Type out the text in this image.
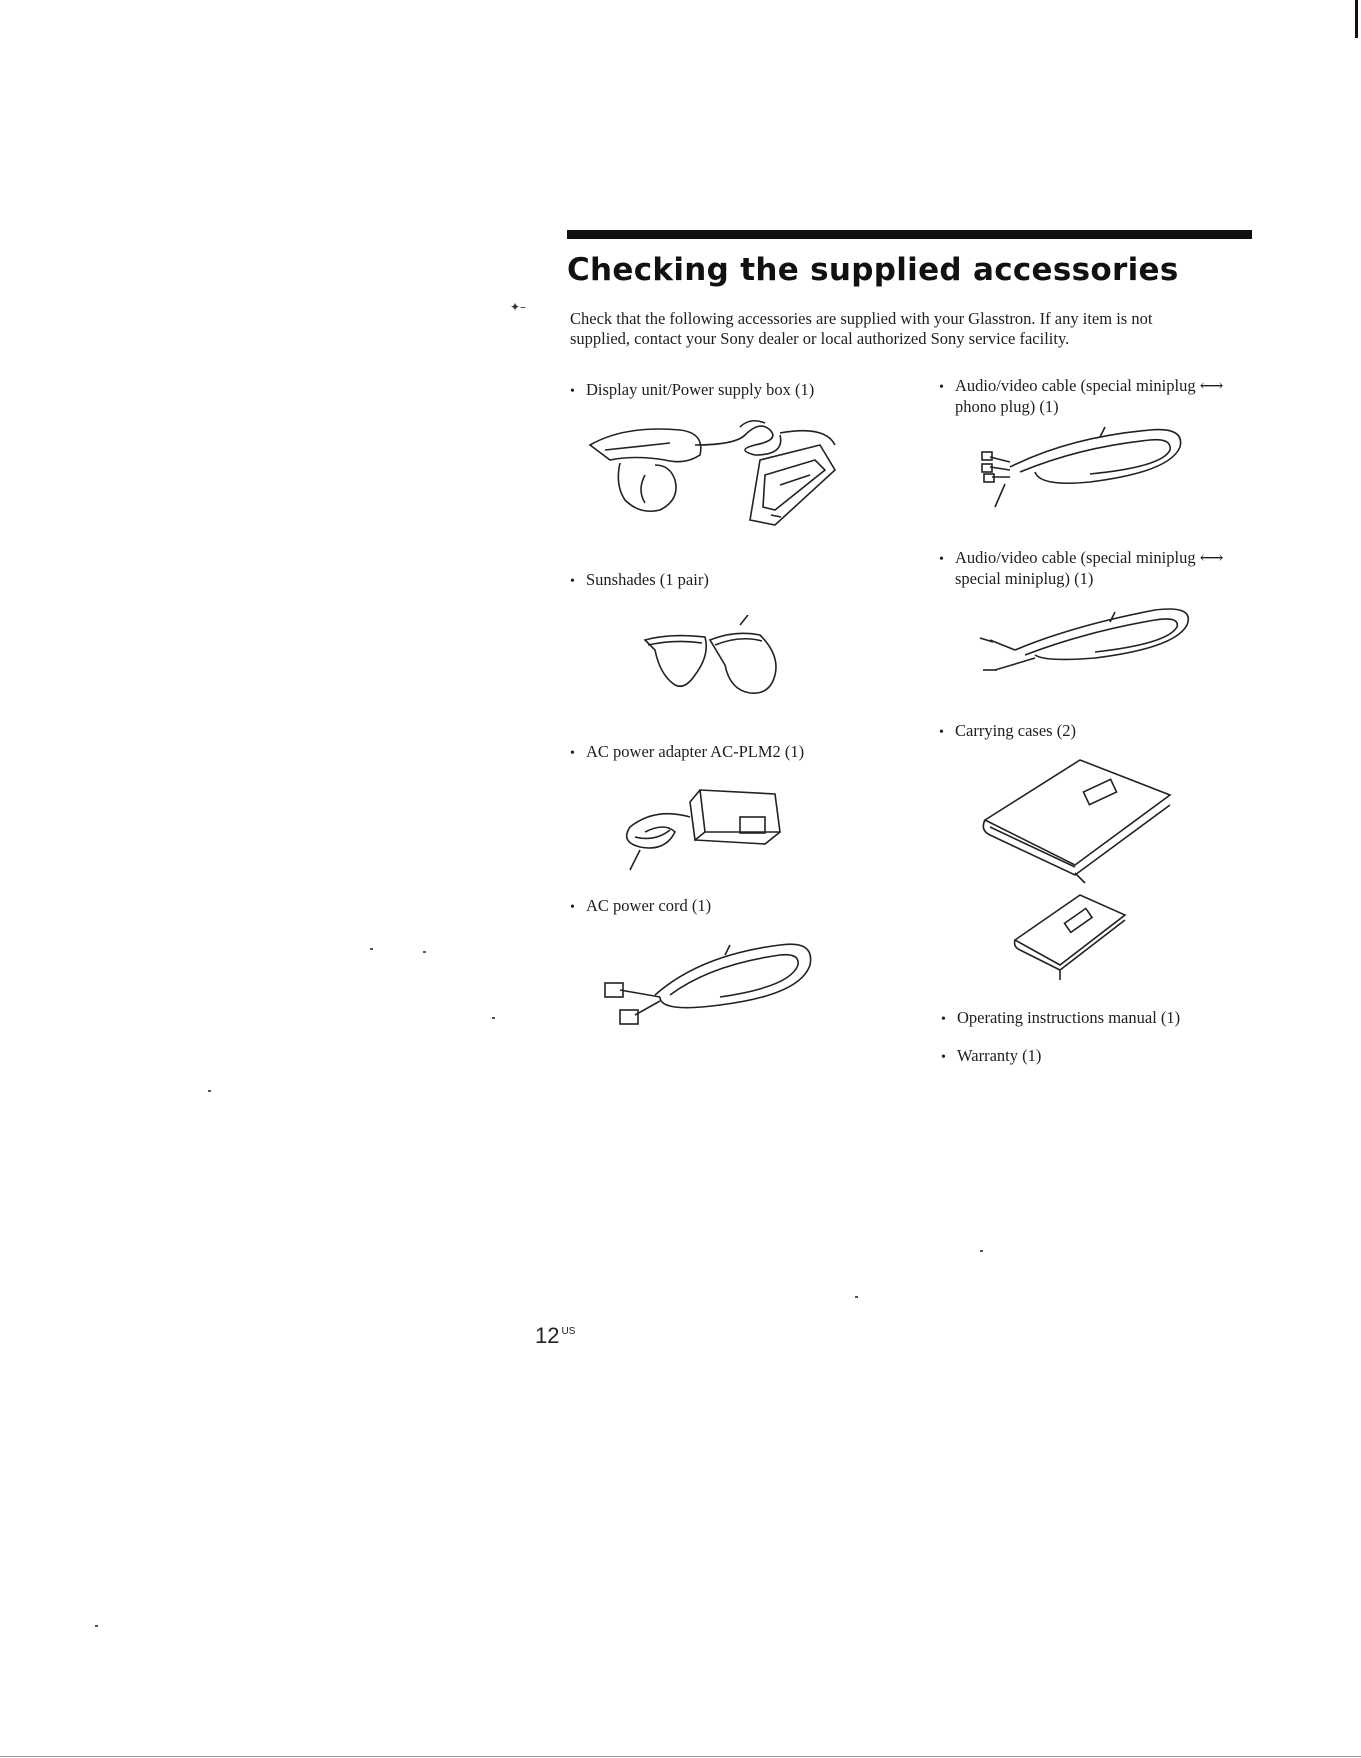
✦–
Checking the supplied accessories
Check that the following accessories are supplied with your Glasstron. If any item is not supplied, contact your Sony dealer or local authorized Sony service facility.
• Display unit/Power supply box (1)
• Sunshades (1 pair)
• AC power adapter AC-PLM2 (1)
• AC power cord (1)
• Audio/video cable (special miniplug ⟷
phono plug) (1)
• Audio/video cable (special miniplug ⟷
special miniplug) (1)
• Carrying cases (2)
• Operating instructions manual (1)
• Warranty (1)
12 $^{US}$
